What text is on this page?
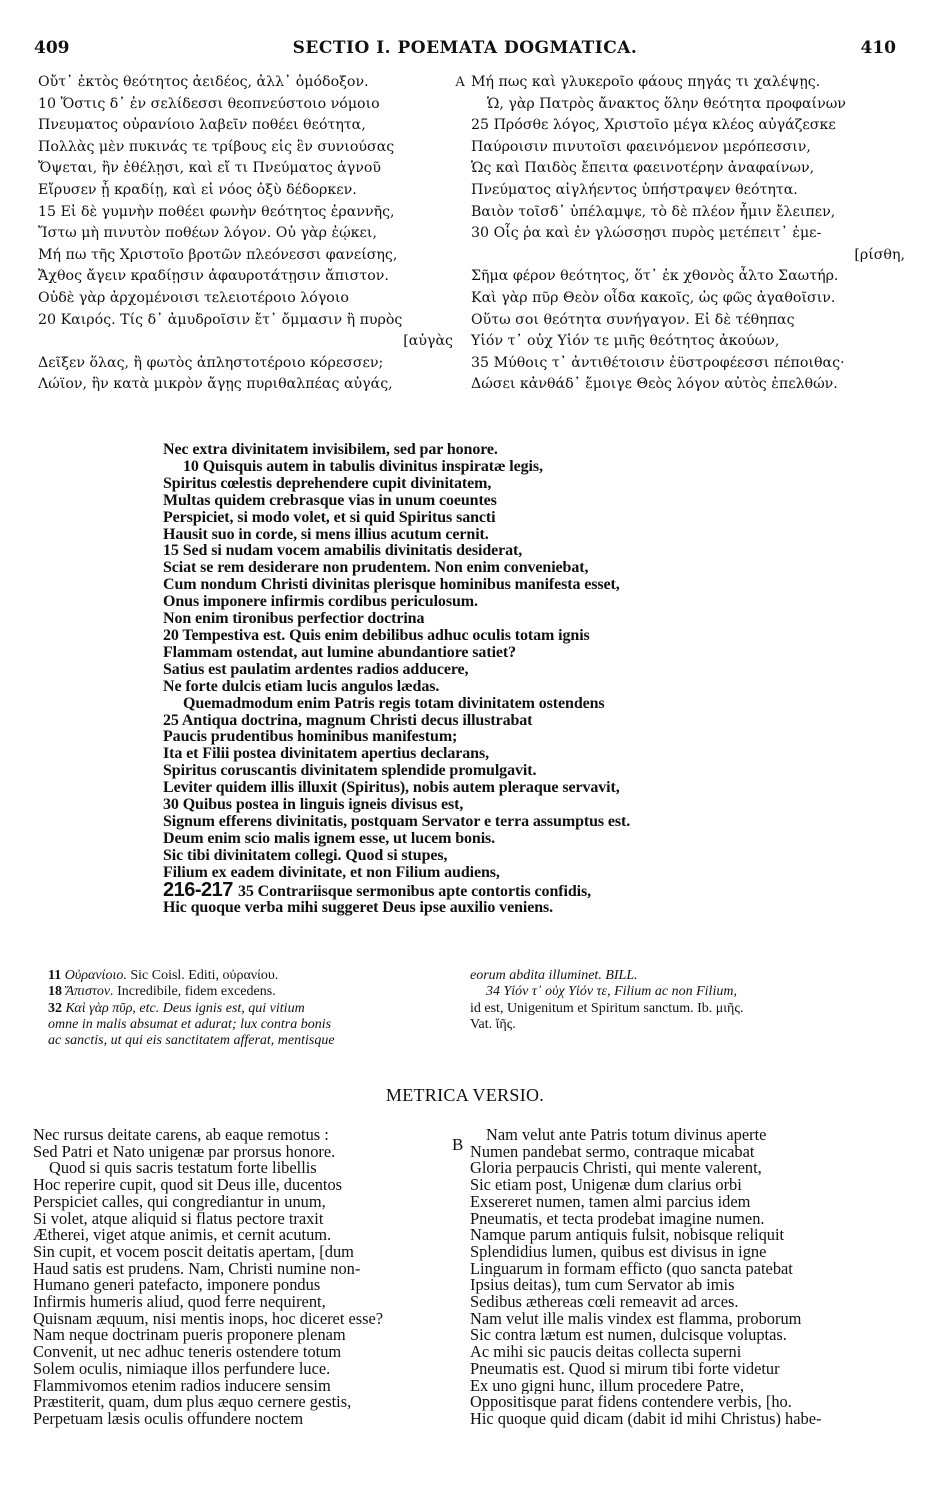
409	SECTIO I. POEMATA DOGMATICA.	410
Οὔτ᾽ ἐκτὸς θεότητος ἀειδέος, ἀλλ᾽ ὁμόδοξον.
10 Ὅστις δ᾽ ἐν σελίδεσσι θεοπνεύστοιο νόμοιο
Πνευματος οὐρανίοιο λαβεῖν ποθέει θεότητα,
Πολλὰς μὲν πυκινάς τε τρίβους εἰς ἓν συνιούσας
Ὄψεται, ἢν ἐθέλῃσι, καὶ εἴ τι Πνεύματος ἁγνοῦ
Εἴρυσεν ᾗ κραδίῃ, καὶ εἰ νόος ὀξὺ δέδορκεν.
15 Εἰ δὲ γυμνὴν ποθέει φωνὴν θεότητος ἐραννῆς,
Ἴστω μὴ πινυτὸν ποθέων λόγον. Οὐ γὰρ ἐῴκει,
Μή πω τῆς Χριστοῖο βροτῶν πλεόνεσσι φανείσης,
Ἄχθος ἄγειν κραδίῃσιν ἀφαυροτάτῃσιν ἄπιστον.
Οὐδὲ γὰρ ἀρχομένοισι τελειοτέροιο λόγοιο
20 Καιρός. Τίς δ᾽ ἀμυδροῖσιν ἔτ᾽ ὄμμασιν ἢ πυρὸς
[αὐγὰς
Δεῖξεν ὅλας, ἢ φωτὸς ἀπληστοτέροιο κόρεσσεν;
Λώϊον, ἣν κατὰ μικρὸν ἄγῃς πυριθαλπέας αὐγάς,
A Μή πως καὶ γλυκεροῖο φάους πηγάς τι χαλέψῃς.
Ὡ, γὰρ Πατρὸς ἄνακτος ὅλην θεότητα προφαίνων
25 Πρόσθε λόγος, Χριστοῖο μέγα κλέος αὐγάζεσκε
Παύροισιν πινυτοῖσι φαεινόμενον μερόπεσσιν,
Ὡς καὶ Παιδὸς ἔπειτα φαεινοτέρην ἀναφαίνων,
Πνεύματος αἰγλήεντος ὑπήστραψεν θεότητα.
Βαιὸν τοῖσδ᾽ ὑπέλαμψε, τὸ δὲ πλέον ἧμιν ἔλειπεν,
30 Οἷς ῥα καὶ ἐν γλώσσῃσι πυρὸς μετέπειτ᾽ ἐμε-
[ρίσθη,
Σῆμα φέρον θεότητος, ὅτ᾽ ἐκ χθονὸς ἆλτο Σαωτήρ.
Καὶ γὰρ πῦρ Θεὸν οἶδα κακοῖς, ὡς φῶς ἀγαθοῖσιν.
Οὕτω σοι θεότητα συνήγαγον. Εἰ δὲ τέθηπας
Υἱόν τ᾽ οὐχ Υἱόν τε μιῆς θεότητος ἀκούων,
35 Μύθοις τ᾽ ἀντιθέτοισιν ἐϋστροφέεσσι πέποιθας·
Δώσει κἀνθάδ᾽ ἔμοιγε Θεὸς λόγον αὐτὸς ἐπελθών.
Nec extra divinitatem invisibilem, sed par honore.
10 Quisquis autem in tabulis divinitus inspiratæ legis,
Spiritus cœlestis deprehendere cupit divinitatem,
Multas quidem crebrasque vias in unum coeuntes
Perspiciet, si modo volet, et si quid Spiritus sancti
Hausit suo in corde, si mens illius acutum cernit.
15 Sed si nudam vocem amabilis divinitatis desiderat,
Sciat se rem desiderare non prudentem. Non enim conveniebat,
Cum nondum Christi divinitas plerisque hominibus manifesta esset,
Onus imponere infirmis cordibus periculosum.
Non enim tironibus perfectior doctrina
20 Tempestiva est. Quis enim debilibus adhuc oculis totam ignis
Flammam ostendat, aut lumine abundantiore satiet?
Satius est paulatim ardentes radios adducere,
Ne forte dulcis etiam lucis angulos lædas.
Quemadmodum enim Patris regis totam divinitatem ostendens
25 Antiqua doctrina, magnum Christi decus illustrabat
Paucis prudentibus hominibus manifestum;
Ita et Filii postea divinitatem apertius declarans,
Spiritus coruscantis divinitatem splendide promulgavit.
Leviter quidem illis illuxit (Spiritus), nobis autem pleraque servavit,
30 Quibus postea in linguis igneis divisus est,
Signum efferens divinitatis, postquam Servator e terra assumptus est.
Deum enim scio malis ignem esse, ut lucem bonis.
Sic tibi divinitatem collegi. Quod si stupes,
Filium ex eadem divinitate, et non Filium audiens,
216-217 35 Contrariisque sermonibus apte contortis confidis,
Hic quoque verba mihi suggeret Deus ipse auxilio veniens.
11 Οὐρανίοιο. Sic Coisl. Editi, οὐρανίου.
18 Ἄπιστον. Incredibile, fidem excedens.
32 Καὶ γὰρ πῦρ, etc. Deus ignis est, qui vitium
omne in malis absumat et adurat; lux contra bonis
ac sanctis, ut qui eis sanctitatem afferat, mentisque
eorum abdita illuminet. BILL.
34 Υἱόν τ᾽ οὐχ Υἱόν τε, Filium ac non Filium,
id est, Unigenitum et Spiritum sanctum. Ib. μιῆς.
Vat. ἴῆς.
METRICA VERSIO.
Nec rursus deitate carens, ab eaque remotus :
Sed Patri et Nato unigenæ par prorsus honore.
Quod si quis sacris testatum forte libellis
Hoc reperire cupit, quod sit Deus ille, ducentos
Perspiciet calles, qui congrediantur in unum,
Si volet, atque aliquid si flatus pectore traxit
Ætherei, viget atque animis, et cernit acutum.
Sin cupit, et vocem poscit deitatis apertam, [dum
Haud satis est prudens. Nam, Christi numine non-
Humano generi patefacto, imponere pondus
Infirmis humeris aliud, quod ferre nequirent,
Quisnam æquum, nisi mentis inops, hoc diceret esse?
Nam neque doctrinam pueris proponere plenam
Convenit, ut nec adhuc teneris ostendere totum
Solem oculis, nimiaque illos perfundere luce.
Flammivomos etenim radios inducere sensim
Præstiterit, quam, dum plus æquo cernere gestis,
Perpetuam læsis oculis offundere noctem
B
Nam velut ante Patris totum divinus aperte
Numen pandebat sermo, contraque micabat
Gloria perpaucis Christi, qui mente valerent,
Sic etiam post, Unigenæ dum clarius orbi
Exsereret numen, tamen almi parcius idem
Pneumatis, et tecta prodebat imagine numen.
Namque parum antiquis fulsit, nobisque reliquit
Splendidius lumen, quibus est divisus in igne
Linguarum in formam efficto (quo sancta patebat
Ipsius deitas), tum cum Servator ab imis
Sedibus æthereas cœli remeavit ad arces.
Nam velut ille malis vindex est flamma, proborum
Sic contra lætum est numen, dulcisque voluptas.
Ac mihi sic paucis deitas collecta superni
Pneumatis est. Quod si mirum tibi forte videtur
Ex uno gigni hunc, illum procedere Patre,
Oppositisque parat fidens contendere verbis, [ho.
Hic quoque quid dicam (dabit id mihi Christus) habe-
